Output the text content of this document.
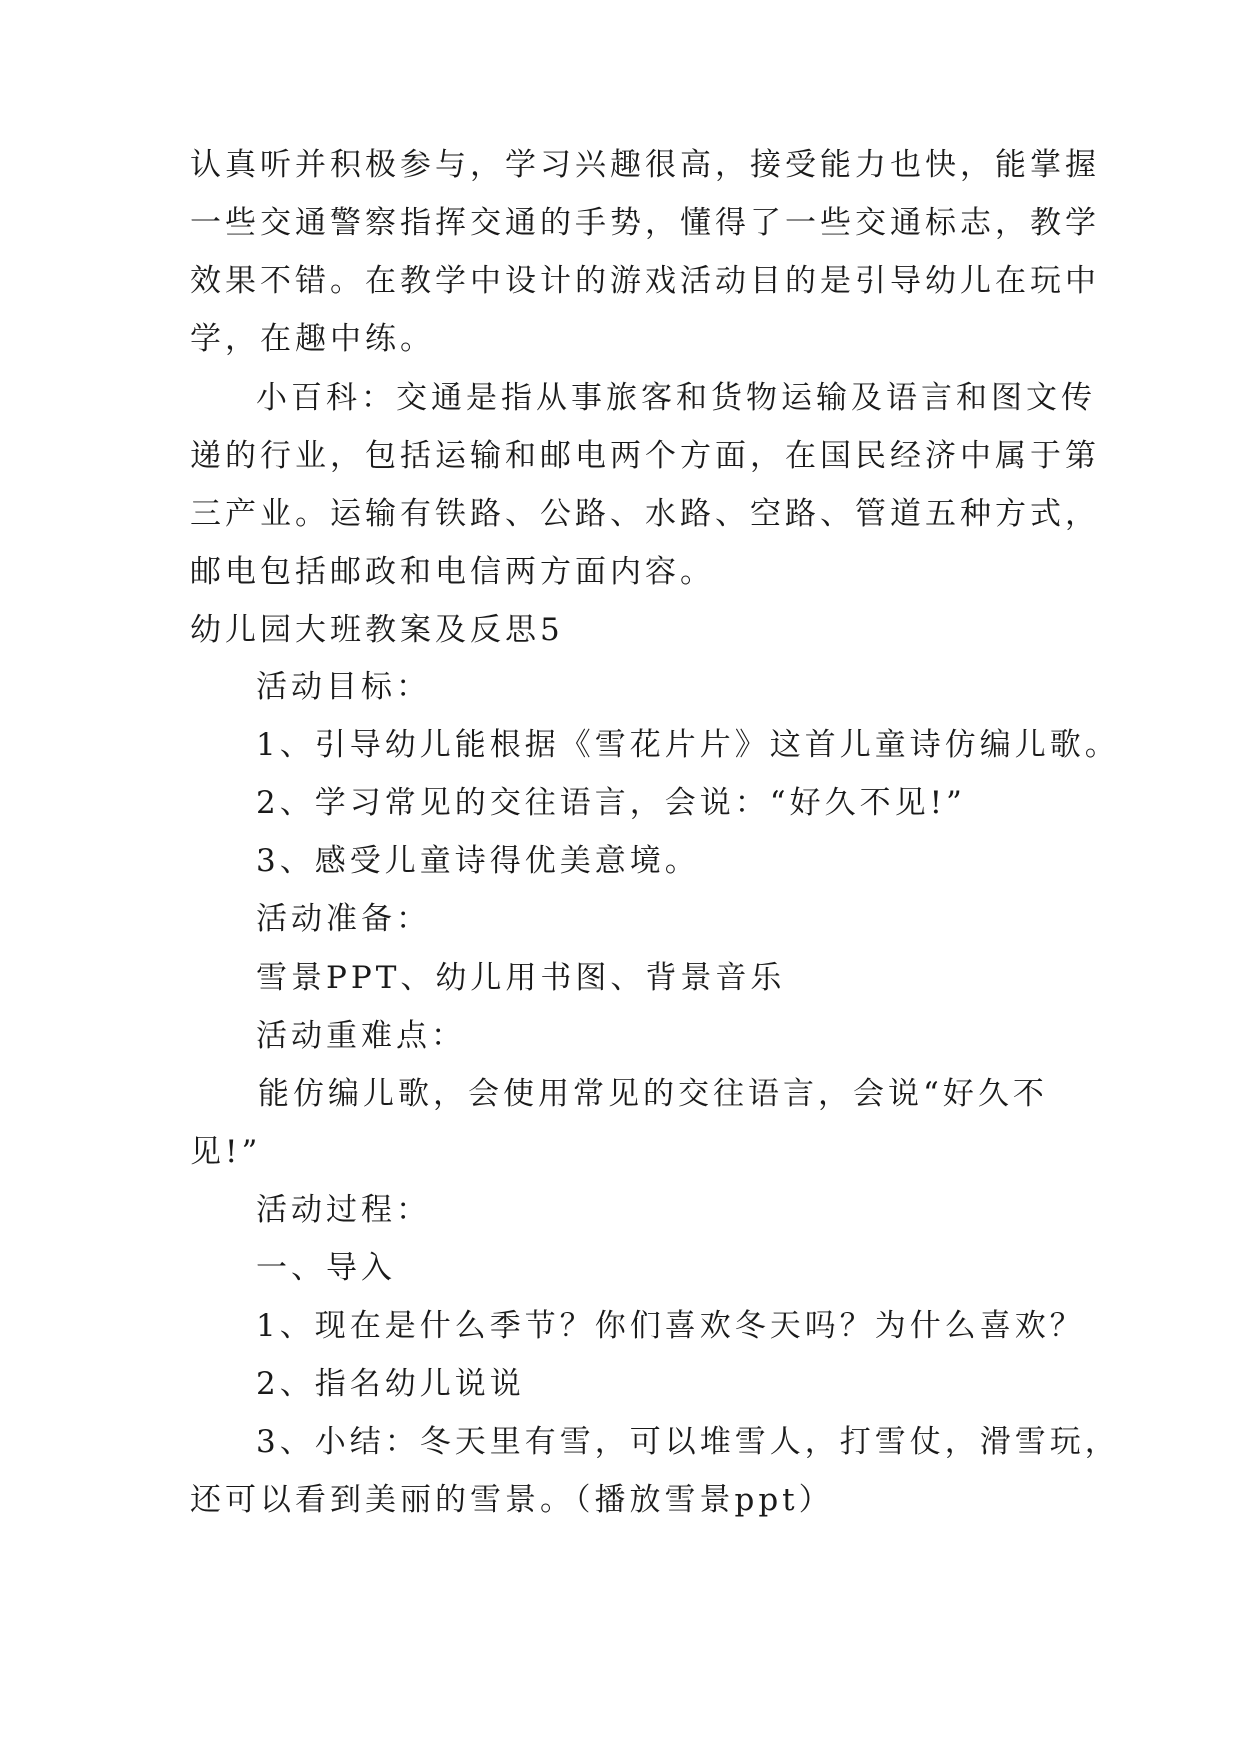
认真听并积极参与，学习兴趣很高，接受能力也快，能掌握
一些交通警察指挥交通的手势，懂得了一些交通标志，教学
效果不错。在教学中设计的游戏活动目的是引导幼儿在玩中
学，在趣中练。
小百科：交通是指从事旅客和货物运输及语言和图文传
递的行业，包括运输和邮电两个方面，在国民经济中属于第
三产业。运输有铁路、公路、水路、空路、管道五种方式，
邮电包括邮政和电信两方面内容。
幼儿园大班教案及反思5
活动目标：
1、引导幼儿能根据《雪花片片》这首儿童诗仿编儿歌。
2、学习常见的交往语言，会说：“好久不见!”
3、感受儿童诗得优美意境。
活动准备：
雪景PPT、幼儿用书图、背景音乐
活动重难点：
能仿编儿歌，会使用常见的交往语言，会说“好久不
见!”
活动过程：
一、导入
1、现在是什么季节？你们喜欢冬天吗？为什么喜欢？
2、指名幼儿说说
3、小结：冬天里有雪，可以堆雪人，打雪仗，滑雪玩，
还可以看到美丽的雪景。（播放雪景ppt）
